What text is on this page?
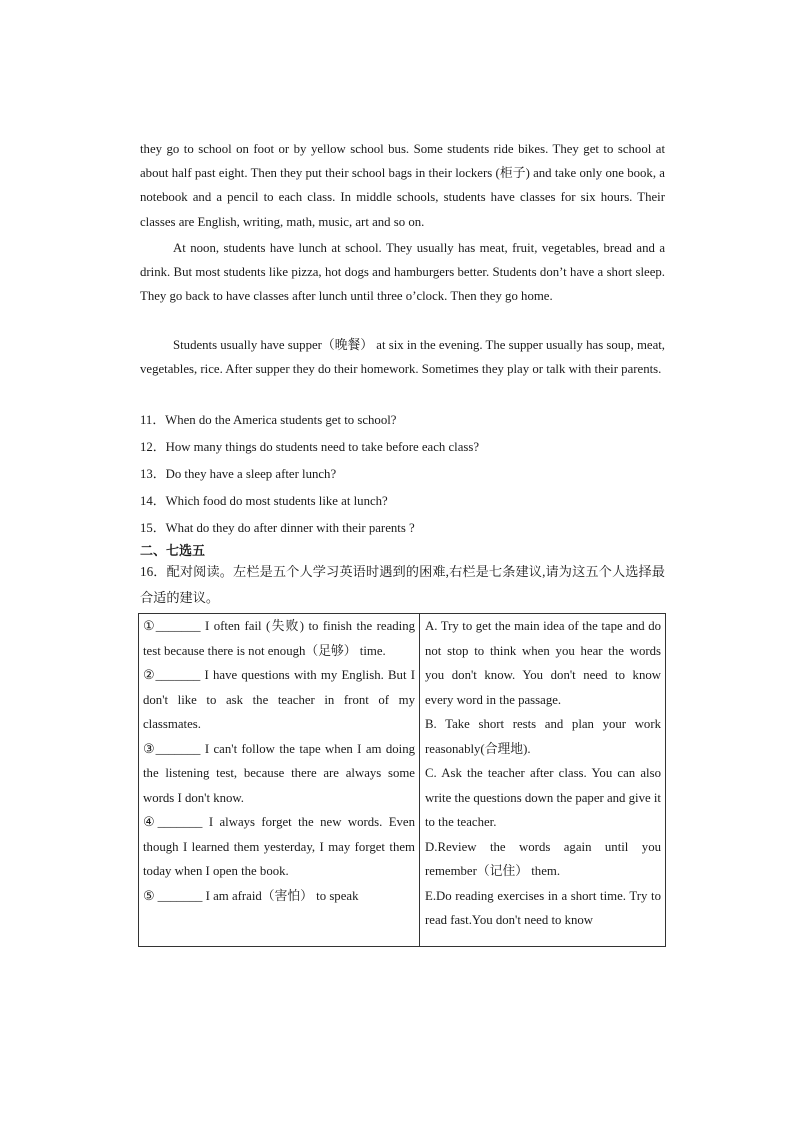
they go to school on foot or by yellow school bus. Some students ride bikes. They get to school at about half past eight. Then they put their school bags in their lockers (柜子) and take only one book, a notebook and a pencil to each class. In middle schools, students have classes for six hours. Their classes are English, writing, math, music, art and so on.

At noon, students have lunch at school. They usually has meat, fruit, vegetables, bread and a drink. But most students like pizza, hot dogs and hamburgers better. Students don’t have a short sleep. They go back to have classes after lunch until three o’clock. Then they go home.

Students usually have supper（晚餐） at six in the evening. The supper usually has soup, meat, vegetables, rice. After supper they do their homework. Sometimes they play or talk with their parents.

11．When do the America students get to school?

12．How many things do students need to take before each class?

13．Do they have a sleep after lunch?

14．Which food do most students like at lunch?

15．What do they do after dinner with their parents ?

二、七选五

16．配对阅读。左栏是五个人学习英语时遇到的困难,右栏是七条建议,请为这五个人选择最合适的建议。

①_______ I often fail (失败) to finish the reading test because there is not enough（足够） time.

②_______ I have questions with my English. But I don't like to ask the teacher in front of my classmates.

③_______ I can't follow the tape when I am doing the listening test, because there are always some words I don't know.

④_______ I always forget the new words. Even though I learned them yesterday, I may forget them today when I open the book.

⑤ _______ I am afraid（害怕） to speak

A. Try to get the main idea of the tape and do not stop to think when you hear the words you don't know. You don't need to know every word in the passage.

B. Take short rests and plan your work reasonably(合理地).

C. Ask the teacher after class. You can also write the questions down the paper and give it to the teacher.

D.Review the words again until you remember（记住） them.

E.Do reading exercises in a short time. Try to read fast.You don't need to know
